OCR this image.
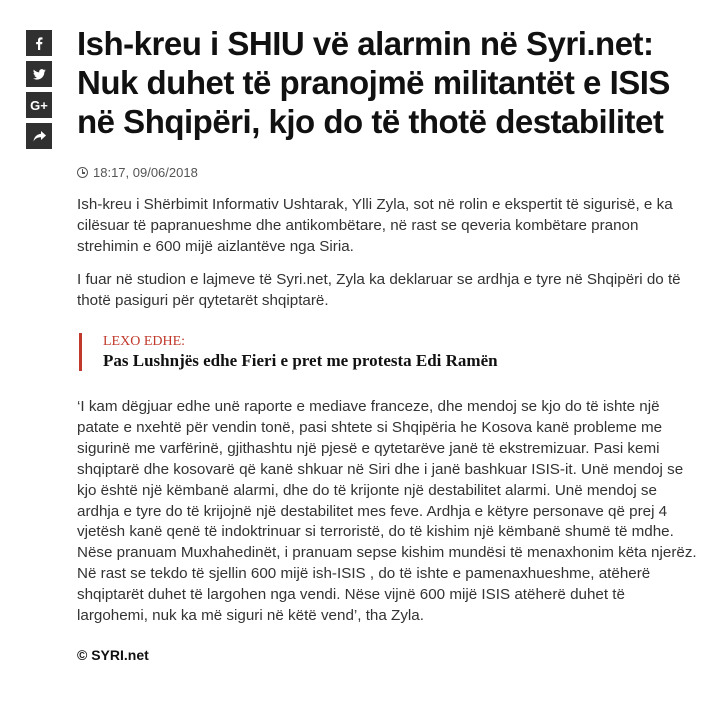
G+
Ish-kreu i SHIU vë alarmin në Syri.net: Nuk duhet të pranojmë militantët e ISIS në Shqipëri, kjo do të thotë destabilitet
18:17, 09/06/2018

Ish-kreu i Shërbimit Informativ Ushtarak, Ylli Zyla, sot në rolin e ekspertit të sigurisë, e ka cilësuar të papranueshme dhe antikombëtare, në rast se qeveria kombëtare pranon strehimin e 600 mijë aizlantëve nga Siria.

I fuar në studion e lajmeve të Syri.net, Zyla ka deklaruar se ardhja e tyre në Shqipëri do të thotë pasiguri për qytetarët shqiptarë.

LEXO EDHE:
Pas Lushnjës edhe Fieri e pret me protesta Edi Ramën

‘I kam dëgjuar edhe unë raporte e mediave franceze, dhe mendoj se kjo do të ishte një patate e nxehtë për vendin tonë, pasi shtete si Shqipëria he Kosova kanë probleme me sigurinë me varfërinë, gjithashtu një pjesë e qytetarëve janë të ekstremizuar. Pasi kemi shqiptarë dhe kosovarë që kanë shkuar në Siri dhe i janë bashkuar ISIS-it. Unë mendoj se kjo është një këmbanë alarmi, dhe do të krijonte një destabilitet alarmi. Unë mendoj se ardhja e tyre do të krijojnë një destabilitet mes feve. Ardhja e këtyre personave që prej 4 vjetësh kanë qenë të indoktrinuar si terroristë, do të kishim një këmbanë shumë të mdhe. Nëse pranuam Muxhahedinët, i pranuam sepse kishim mundësi të menaxhonim këta njerëz. Në rast se tekdo të sjellin 600 mijë ish-ISIS , do të ishte e pamenaxhueshme, atëherë shqiptarët duhet të largohen nga vendi. Nëse vijnë 600 mijë ISIS atëherë duhet të largohemi, nuk ka më siguri në këtë vend’, tha Zyla.

© SYRI.net
